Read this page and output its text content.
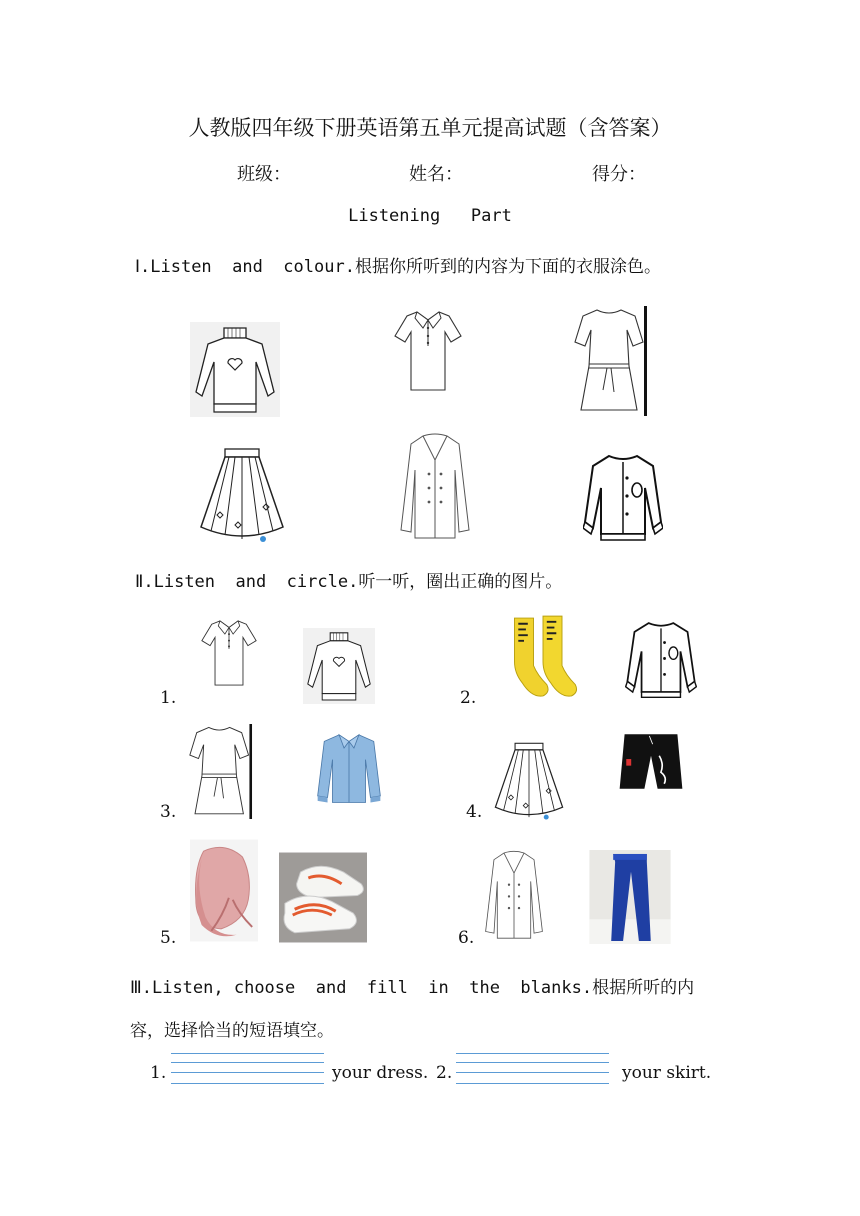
人教版四年级下册英语第五单元提高试题（含答案）
班级：	姓名：	得分：
Listening   Part
Ⅰ.Listen  and  colour.根据你所听到的内容为下面的衣服涂色。
Ⅱ.Listen  and  circle.听一听，圈出正确的图片。
1.	2.
3.	4.
5.	6.
Ⅲ.Listen, choose  and  fill  in  the  blanks.根据所听的内
容，选择恰当的短语填空。
1.	your dress. 2.	your skirt.
